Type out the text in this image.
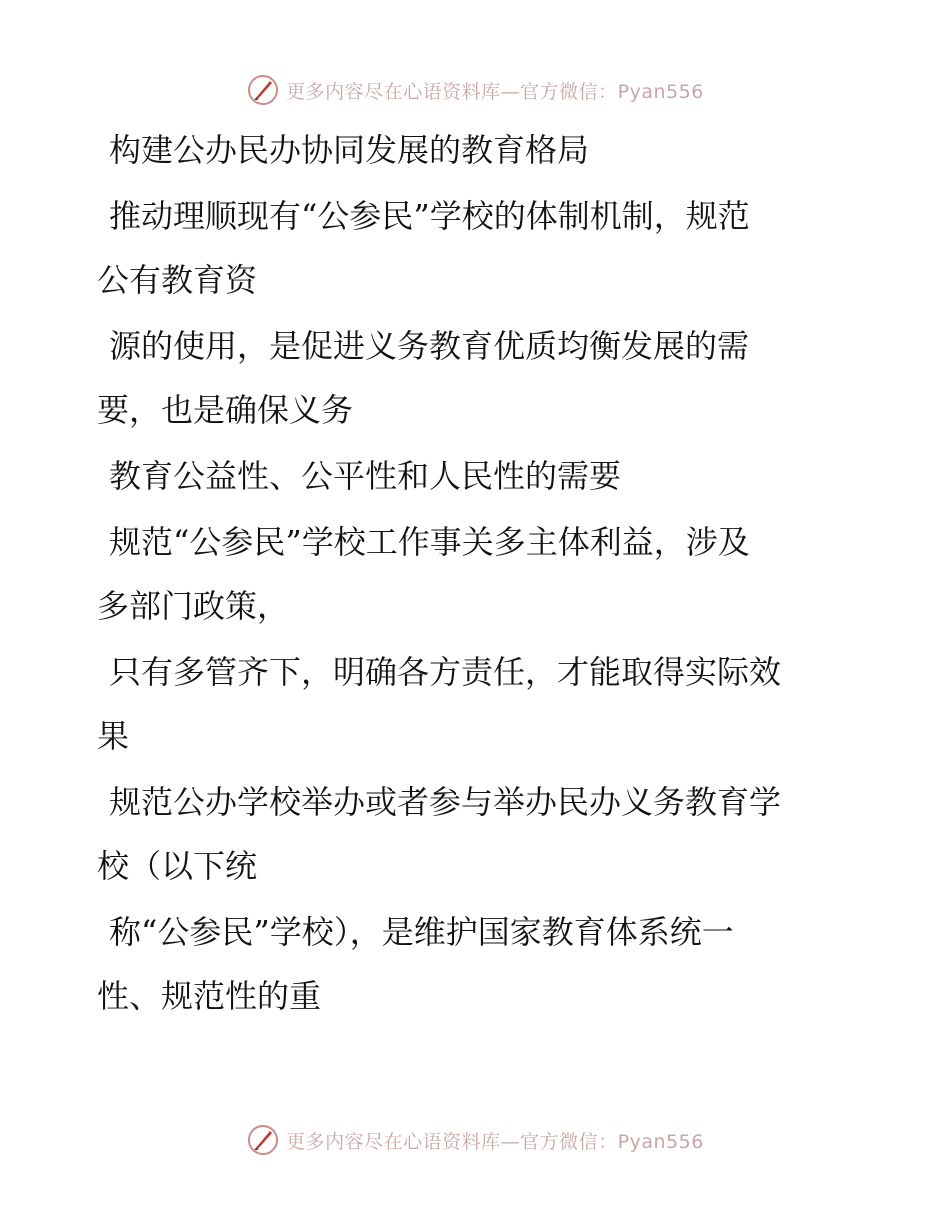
更多内容尽在心语资料库—官方微信：Pyan556
构建公办民办协同发展的教育格局
推动理顺现有“公参民”学校的体制机制，规范
公有教育资
源的使用，是促进义务教育优质均衡发展的需
要，也是确保义务
教育公益性、公平性和人民性的需要
规范“公参民”学校工作事关多主体利益，涉及
多部门政策，
只有多管齐下，明确各方责任，才能取得实际效
果
规范公办学校举办或者参与举办民办义务教育学
校（以下统
称“公参民”学校），是维护国家教育体系统一
性、规范性的重
更多内容尽在心语资料库—官方微信：Pyan556
